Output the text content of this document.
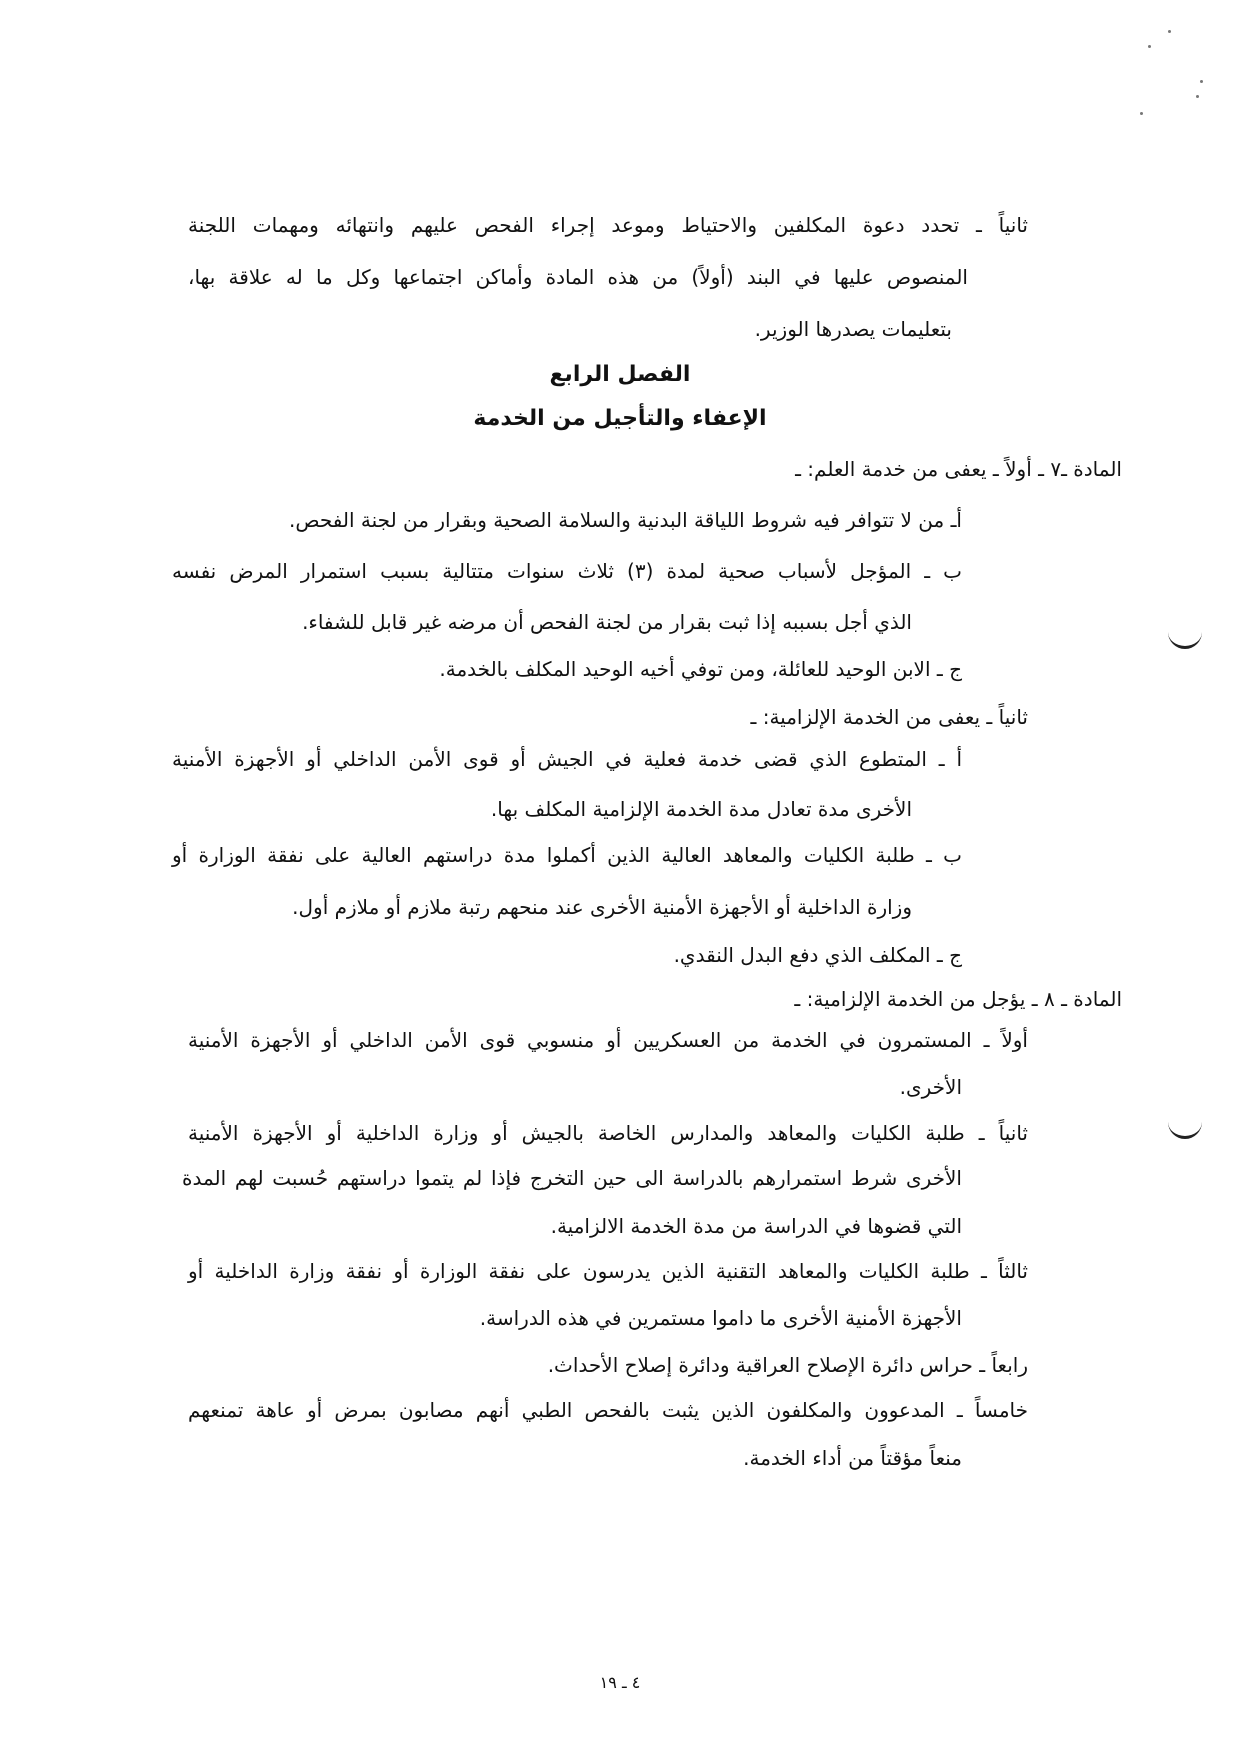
ثانياً ـ تحدد دعوة المكلفين والاحتياط وموعد إجراء الفحص عليهم وانتهائه ومهمات اللجنة
المنصوص عليها في البند (أولاً) من هذه المادة وأماكن اجتماعها وكل ما له علاقة بها،
بتعليمات يصدرها الوزير.
الفصل الرابع
الإعفاء والتأجيل من الخدمة
المادة ـ٧ ـ أولاً ـ يعفى من خدمة العلم: ـ
أـ من لا تتوافر فيه شروط اللياقة البدنية والسلامة الصحية وبقرار من لجنة الفحص.
ب ـ المؤجل لأسباب صحية لمدة (٣) ثلاث سنوات متتالية بسبب استمرار المرض نفسه
الذي أجل بسببه إذا ثبت بقرار من لجنة الفحص أن مرضه غير قابل للشفاء.
ج ـ الابن الوحيد للعائلة، ومن توفي أخيه الوحيد المكلف بالخدمة.
ثانياً ـ يعفى من الخدمة الإلزامية: ـ
أ ـ المتطوع الذي قضى خدمة فعلية في الجيش أو قوى الأمن الداخلي أو الأجهزة الأمنية
الأخرى مدة تعادل مدة الخدمة الإلزامية المكلف بها.
ب ـ طلبة الكليات والمعاهد العالية الذين أكملوا مدة دراستهم العالية على نفقة الوزارة أو
وزارة الداخلية أو الأجهزة الأمنية الأخرى عند منحهم رتبة ملازم أو ملازم أول.
ج ـ المكلف الذي دفع البدل النقدي.
المادة ـ ٨ ـ يؤجل من الخدمة الإلزامية: ـ
أولاً ـ المستمرون في الخدمة من العسكريين أو منسوبي قوى الأمن الداخلي أو الأجهزة الأمنية
الأخرى.
ثانياً ـ طلبة الكليات والمعاهد والمدارس الخاصة بالجيش أو وزارة الداخلية أو الأجهزة الأمنية
الأخرى شرط استمرارهم بالدراسة الى حين التخرج فإذا لم يتموا دراستهم حُسبت لهم المدة
التي قضوها في الدراسة من مدة الخدمة الالزامية.
ثالثاً ـ طلبة الكليات والمعاهد التقنية الذين يدرسون على نفقة الوزارة أو نفقة وزارة الداخلية أو
الأجهزة الأمنية الأخرى ما داموا مستمرين في هذه الدراسة.
رابعاً ـ حراس دائرة الإصلاح العراقية ودائرة إصلاح الأحداث.
خامساً ـ المدعوون والمكلفون الذين يثبت بالفحص الطبي أنهم مصابون بمرض أو عاهة تمنعهم
منعاً مؤقتاً من أداء الخدمة.
٤ ـ ١٩
